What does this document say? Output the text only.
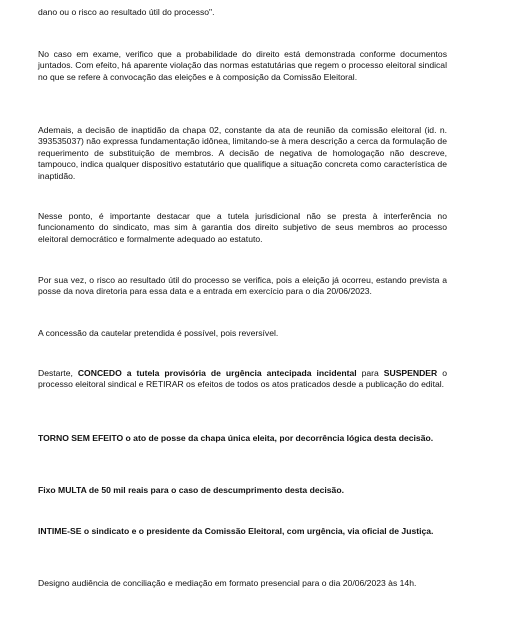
dano ou o risco ao resultado útil do processo".

No caso em exame, verifico que a probabilidade do direito está demonstrada conforme documentos juntados. Com efeito, há aparente violação das normas estatutárias que regem o processo eleitoral sindical no que se refere à convocação das eleições e à composição da Comissão Eleitoral.

Ademais, a decisão de inaptidão da chapa 02, constante da ata de reunião da comissão eleitoral (id. n. 393535037) não expressa fundamentação idônea, limitando-se à mera descrição a cerca da formulação de requerimento de substituição de membros. A decisão de negativa de homologação não descreve, tampouco, indica qualquer dispositivo estatutário que qualifique a situação concreta como característica de inaptidão.

Nesse ponto, é importante destacar que a tutela jurisdicional não se presta à interferência no funcionamento do sindicato, mas sim à garantia dos direito subjetivo de seus membros ao processo eleitoral democrático e formalmente adequado ao estatuto.

Por sua vez, o risco ao resultado útil do processo se verifica, pois a eleição já ocorreu, estando prevista a posse da nova diretoria para essa data e a entrada em exercício para o dia 20/06/2023.

A concessão da cautelar pretendida é possível, pois reversível.

Destarte, CONCEDO a tutela provisória de urgência antecipada incidental para SUSPENDER o processo eleitoral sindical e RETIRAR os efeitos de todos os atos praticados desde a publicação do edital.

TORNO SEM EFEITO o ato de posse da chapa única eleita, por decorrência lógica desta decisão.

Fixo MULTA de 50 mil reais para o caso de descumprimento desta decisão.

INTIME-SE o sindicato e o presidente da Comissão Eleitoral, com urgência, via oficial de Justiça.

Designo audiência de conciliação e mediação em formato presencial para o dia 20/06/2023 às 14h.
